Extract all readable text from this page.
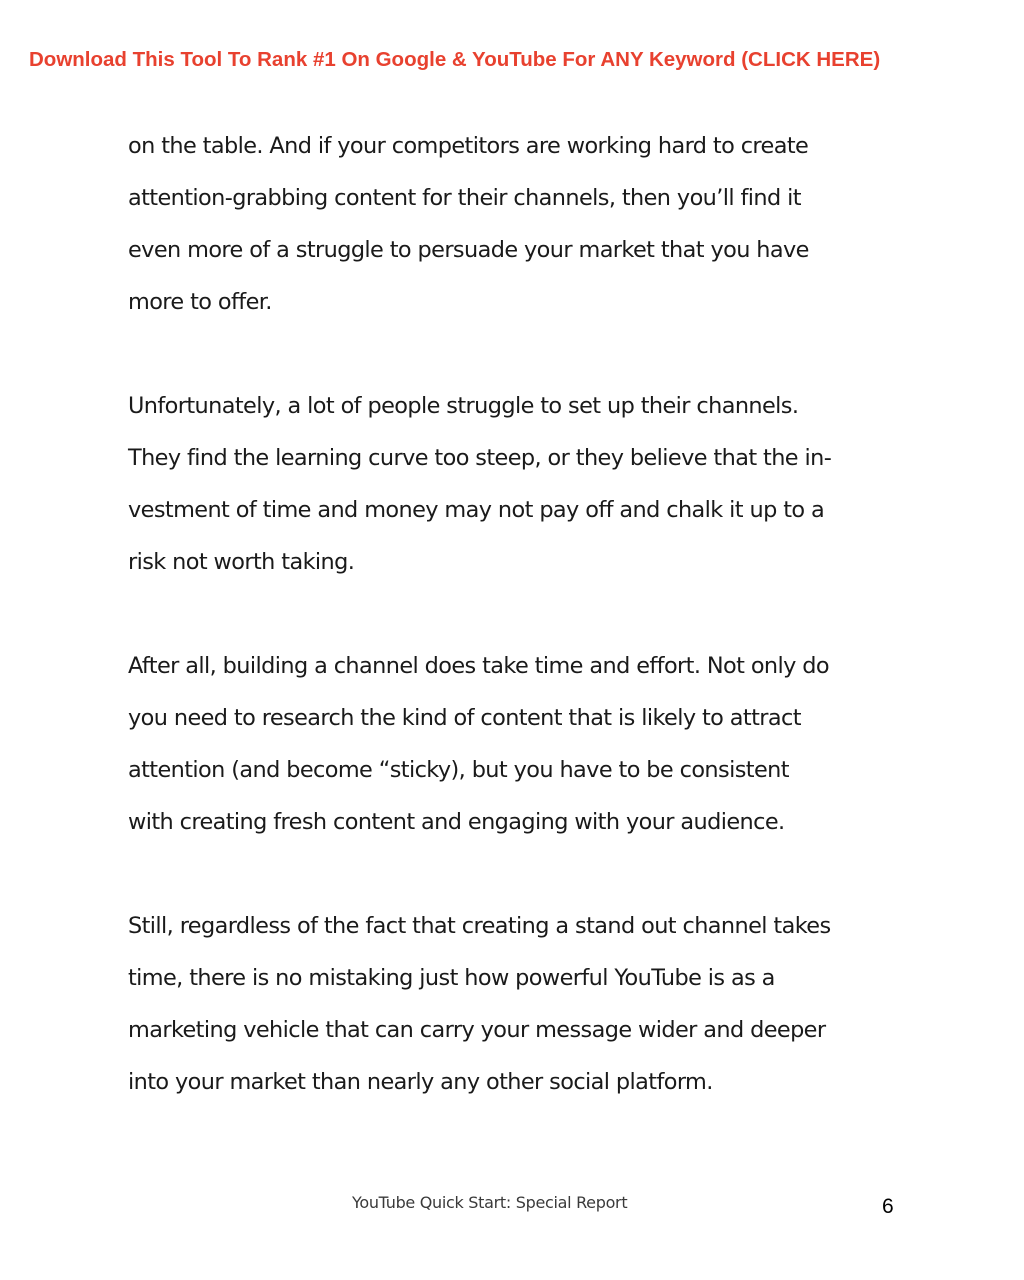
Download This Tool To Rank #1 On Google & YouTube For ANY Keyword (CLICK HERE)

on the table. And if your competitors are working hard to create
attention-grabbing content for their channels, then you’ll find it
even more of a struggle to persuade your market that you have
more to offer.

Unfortunately, a lot of people struggle to set up their channels.
They find the learning curve too steep, or they believe that the in-
vestment of time and money may not pay off and chalk it up to a
risk not worth taking.

After all, building a channel does take time and effort. Not only do
you need to research the kind of content that is likely to attract
attention (and become “sticky), but you have to be consistent
with creating fresh content and engaging with your audience.

Still, regardless of the fact that creating a stand out channel takes
time, there is no mistaking just how powerful YouTube is as a
marketing vehicle that can carry your message wider and deeper
into your market than nearly any other social platform.

YouTube Quick Start: Special Report	6
